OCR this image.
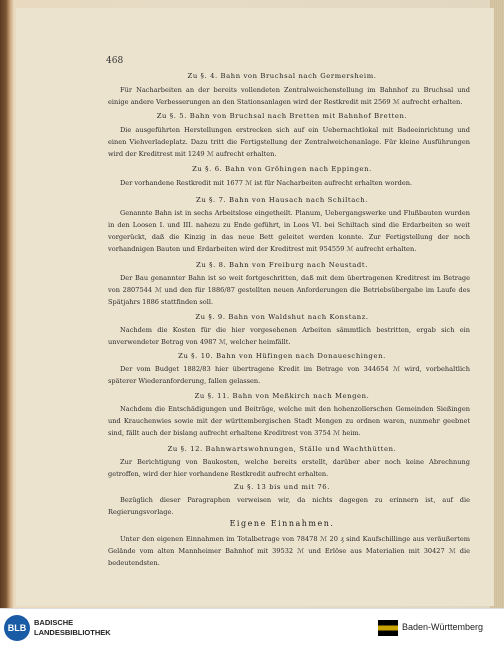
468
Zu §. 4. Bahn von Bruchsal nach Germersheim.
Für Nacharbeiten an der bereits vollendeten Zentralweichenstellung im Bahnhof zu Bruchsal und einige andere Verbesserungen an den Stationsanlagen wird der Restkredit mit 2569 ℳ aufrecht erhalten.
Zu §. 5. Bahn von Bruchsal nach Bretten mit Bahnhof Bretten.
Die ausgeführten Herstellungen erstrecken sich auf ein Uebernachtlokal mit Badeeinrichtung und einen Viehverladeplatz. Dazu tritt die Fertigstellung der Zentralweichenanlage. Für kleine Ausführungen wird der Kreditrest mit 1249 ℳ aufrecht erhalten.
Zu §. 6. Bahn von Gröhingen nach Eppingen.
Der vorhandene Restkredit mit 1677 ℳ ist für Nacharbeiten aufrecht erhalten worden.
Zu §. 7. Bahn von Hausach nach Schiltach.
Genannte Bahn ist in sechs Arbeitslose eingetheilt. Planum, Uebergangswerke und Flußbauten wurden in den Loosen I. und III. nahezu zu Ende geführt, in Loos VI. bei Schiltach sind die Erdarbeiten so weit vorgerückt, daß die Kinzig in das neue Bett geleitet werden konnte. Zur Fertigstellung der noch vorhandnigen Bauten und Erdarbeiten wird der Kreditrest mit 954559 ℳ aufrecht erhalten.
Zu §. 8. Bahn von Freiburg nach Neustadt.
Der Bau genannter Bahn ist so weit fortgeschritten, daß mit dem übertragenen Kreditrest im Betrage von 2807544 ℳ und den für 1886/87 gestellten neuen Anforderungen die Betriebsübergabe im Laufe des Spätjahrs 1886 stattfinden soll.
Zu §. 9. Bahn von Waldshut nach Konstanz.
Nachdem die Kosten für die hier vorgesehenen Arbeiten sämmtlich bestritten, ergab sich ein unverwendeter Betrag von 4987 ℳ, welcher heimfällt.
Zu §. 10. Bahn von Hüfingen nach Donaueschingen.
Der vom Budget 1882/83 hier übertragene Kredit im Betrage von 344654 ℳ wird, vorbehaltlich späterer Wiederanforderung, fallen gelassen.
Zu §. 11. Bahn von Meßkirch nach Mengen.
Nachdem die Entschädigungen und Beiträge, welche mit den hohenzollerschen Gemeinden Sießingen und Krauchenwies sowie mit der württembergischen Stadt Mengen zu ordnen waren, nunmehr geebnet sind, fällt auch der bislang aufrecht erhaltene Kreditrest von 3754 ℳ heim.
Zu §. 12. Bahnwartswohnungen, Ställe und Wachthütten.
Zur Berichtigung von Baukosten, welche bereits erstellt, darüber aber noch keine Abrechnung getroffen, wird der hier vorhandene Restkredit aufrecht erhalten.
Zu §. 13 bis und mit 76.
Bezüglich dieser Paragraphen verweisen wir, da nichts dagegen zu erinnern ist, auf die Regierungsvorlage.
Eigene Einnahmen.
Unter den eigenen Einnahmen im Totalbetrage von 78478 ℳ 20 ₰ sind Kaufschillinge aus veräußertem Gelände vom alten Mannheimer Bahnhof mit 39532 ℳ und Erlöse aus Materialien mit 30427 ℳ die bedeutendsten.
BLB
BADISCHE
LANDESBIBLIOTHEK
Baden-Württemberg
